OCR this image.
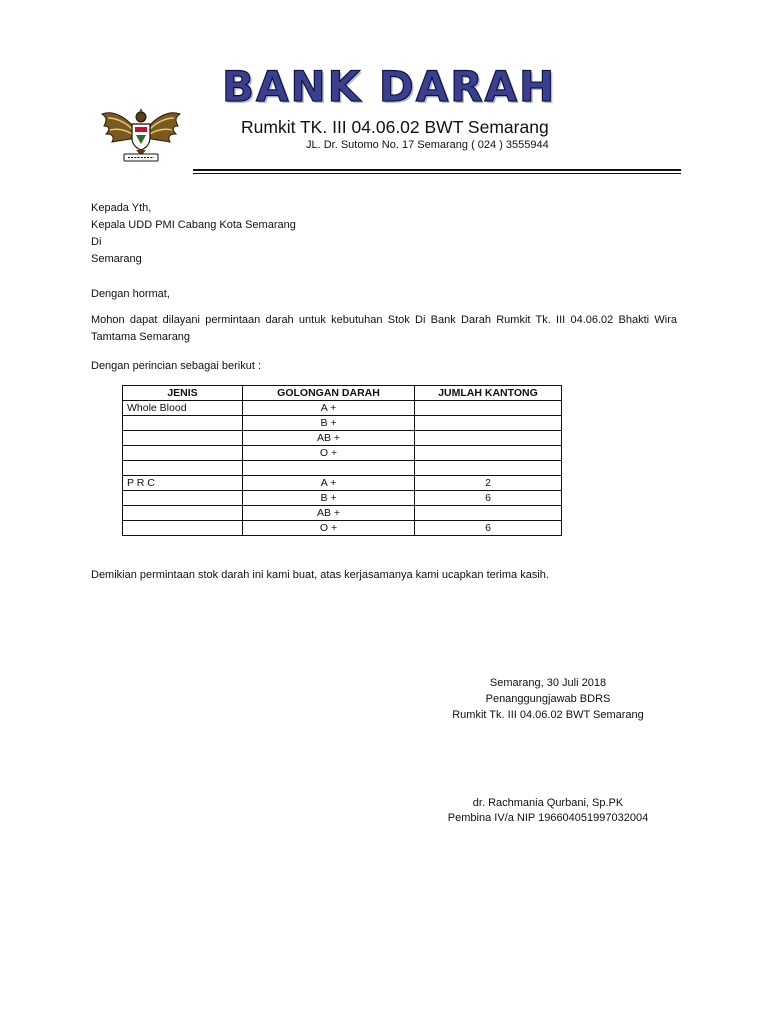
BANK DARAH
Rumkit TK. III 04.06.02 BWT Semarang
JL. Dr. Sutomo No. 17 Semarang ( 024 ) 3555944
Kepada Yth,
Kepala UDD PMI Cabang Kota Semarang
Di
Semarang
Dengan hormat,
Mohon dapat dilayani permintaan darah untuk kebutuhan Stok Di Bank Darah Rumkit Tk. III 04.06.02 Bhakti Wira Tamtama Semarang
Dengan perincian sebagai berikut :
JENIS	GOLONGAN DARAH	JUMLAH KANTONG
Whole Blood	A +	
	B +	
	AB +	
	O +	

P R C	A +	2
	B +	6
	AB +	
	O +	6
Demikian permintaan stok darah ini kami buat, atas kerjasamanya kami ucapkan terima kasih.
Semarang, 30 Juli 2018
Penanggungjawab BDRS
Rumkit Tk. III 04.06.02 BWT Semarang
dr. Rachmania Qurbani, Sp.PK
Pembina IV/a NIP 196604051997032004
